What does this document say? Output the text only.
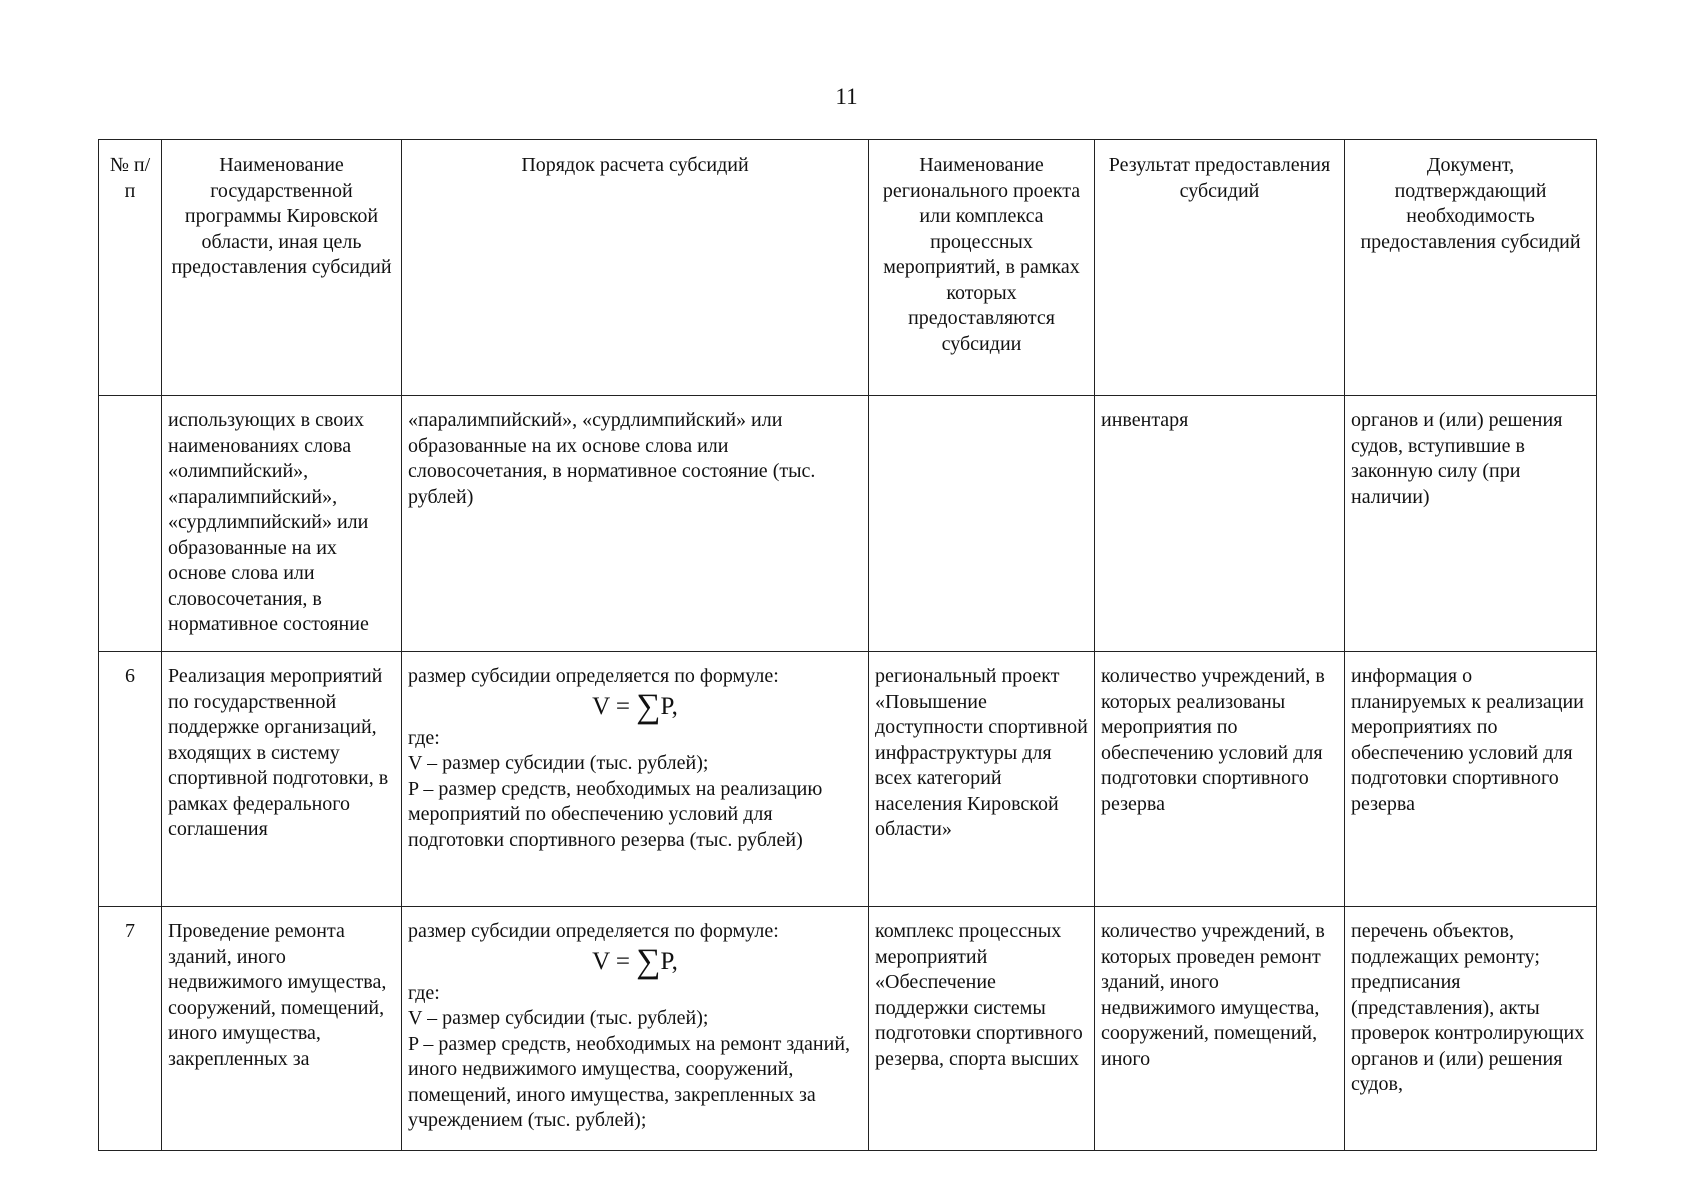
11
№ п/п	Наименование государственной программы Кировской области, иная цель предоставления субсидий	Порядок расчета субсидий	Наименование регионального проекта или комплекса процессных мероприятий, в рамках которых предоставляются субсидии	Результат предоставления субсидий	Документ, подтверждающий необходимость предоставления субсидий
	использующих в своих наименованиях слова «олимпийский», «паралимпийский», «сурдлимпийский» или образованные на их основе слова или словосочетания, в нормативное состояние	«паралимпийский», «сурдлимпийский» или образованные на их основе слова или словосочетания, в нормативное состояние (тыс. рублей)		инвентаря	органов и (или) решения судов, вступившие в законную силу (при наличии)
6	Реализация мероприятий по государственной поддержке организаций, входящих в систему спортивной подготовки, в рамках федерального соглашения	размер субсидии определяется по формуле:
V = ∑P,
где:
V – размер субсидии (тыс. рублей);
P – размер средств, необходимых на реализацию мероприятий по обеспечению условий для подготовки спортивного резерва (тыс. рублей)	региональный проект «Повышение доступности спортивной инфраструктуры для всех категорий населения Кировской области»	количество учреждений, в которых реализованы мероприятия по обеспечению условий для подготовки спортивного резерва	информация о планируемых к реализации мероприятиях по обеспечению условий для подготовки спортивного резерва
7	Проведение ремонта зданий, иного недвижимого имущества, сооружений, помещений, иного имущества, закрепленных за	размер субсидии определяется по формуле:
V = ∑P,
где:
V – размер субсидии (тыс. рублей);
P – размер средств, необходимых на ремонт зданий, иного недвижимого имущества, сооружений, помещений, иного имущества, закрепленных за учреждением (тыс. рублей);	комплекс процессных мероприятий «Обеспечение поддержки системы подготовки спортивного резерва, спорта высших	количество учреждений, в которых проведен ремонт зданий, иного недвижимого имущества, сооружений, помещений, иного	перечень объектов, подлежащих ремонту; предписания (представления), акты проверок контролирующих органов и (или) решения судов,
